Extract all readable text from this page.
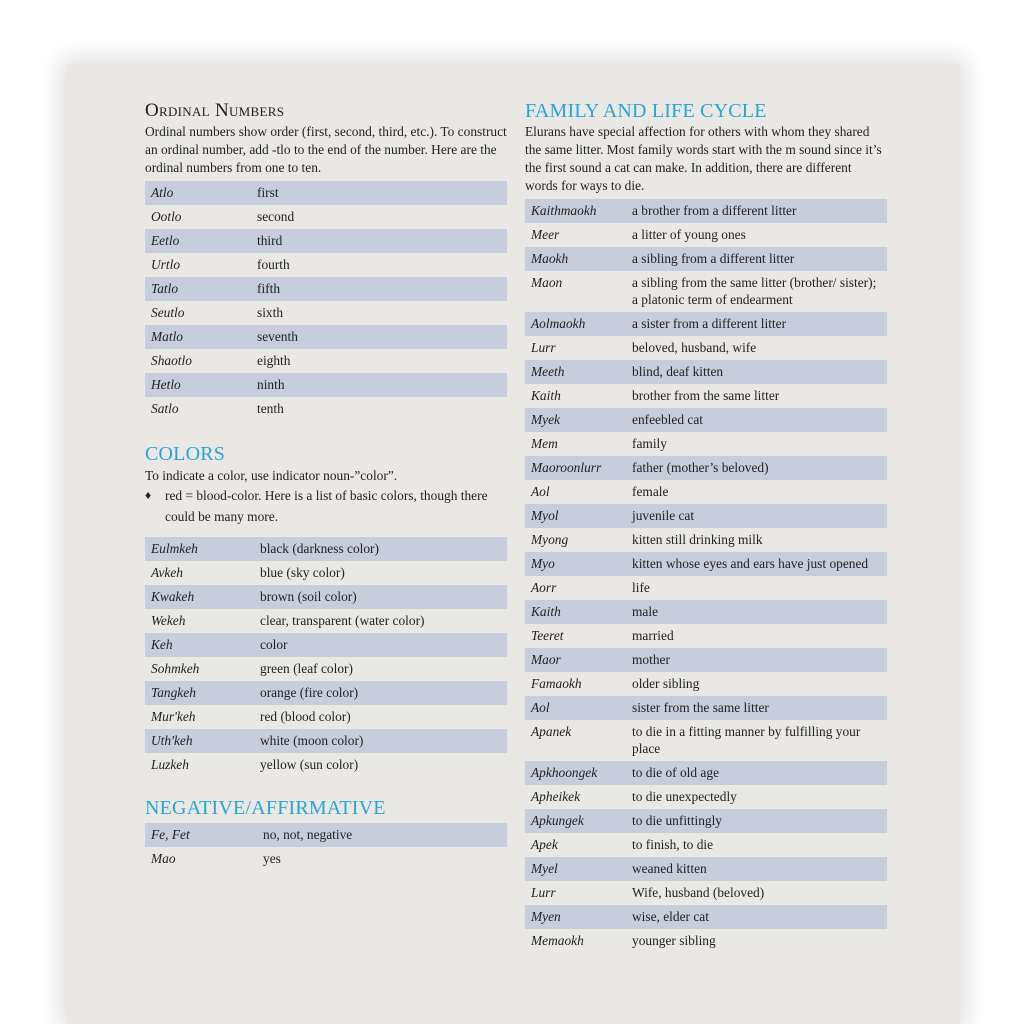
Ordinal Numbers

Ordinal numbers show order (first, second, third, etc.). To construct an ordinal number, add -tlo to the end of the number. Here are the ordinal numbers from one to ten.

Atlo	first
Ootlo	second
Eetlo	third
Urtlo	fourth
Tatlo	fifth
Seutlo	sixth
Matlo	seventh
Shaotlo	eighth
Hetlo	ninth
Satlo	tenth
COLORS

To indicate a color, use indicator noun-”color”.

♦	red = blood-color. Here is a list of basic colors, though there could be many more.
Eulmkeh	black (darkness color)
Avkeh	blue (sky color)
Kwakeh	brown (soil color)
Wekeh	clear, transparent (water color)
Keh	color
Sohmkeh	green (leaf color)
Tangkeh	orange (fire color)
Mur'keh	red (blood color)
Uth'keh	white (moon color)
Luzkeh	yellow (sun color)
NEGATIVE/AFFIRMATIVE
Fe, Fet	no, not, negative
Mao	yes
FAMILY AND LIFE CYCLE

Elurans have special affection for others with whom they shared the same litter. Most family words start with the m sound since it’s the first sound a cat can make. In addition, there are different words for ways to die.

Kaithmaokh	a brother from a different litter
Meer	a litter of young ones
Maokh	a sibling from a different litter
Maon	a sibling from the same litter (brother/ sister); a platonic term of endearment
Aolmaokh	a sister from a different litter
Lurr	beloved, husband, wife
Meeth	blind, deaf kitten
Kaith	brother from the same litter
Myek	enfeebled cat
Mem	family
Maoroonlurr	father (mother’s beloved)
Aol	female
Myol	juvenile cat
Myong	kitten still drinking milk
Myo	kitten whose eyes and ears have just opened
Aorr	life
Kaith	male
Teeret	married
Maor	mother
Famaokh	older sibling
Aol	sister from the same litter
Apanek	to die in a fitting manner by fulfilling your place
Apkhoongek	to die of old age
Apheikek	to die unexpectedly
Apkungek	to die unfittingly
Apek	to finish, to die
Myel	weaned kitten
Lurr	Wife, husband (beloved)
Myen	wise, elder cat
Memaokh	younger sibling
